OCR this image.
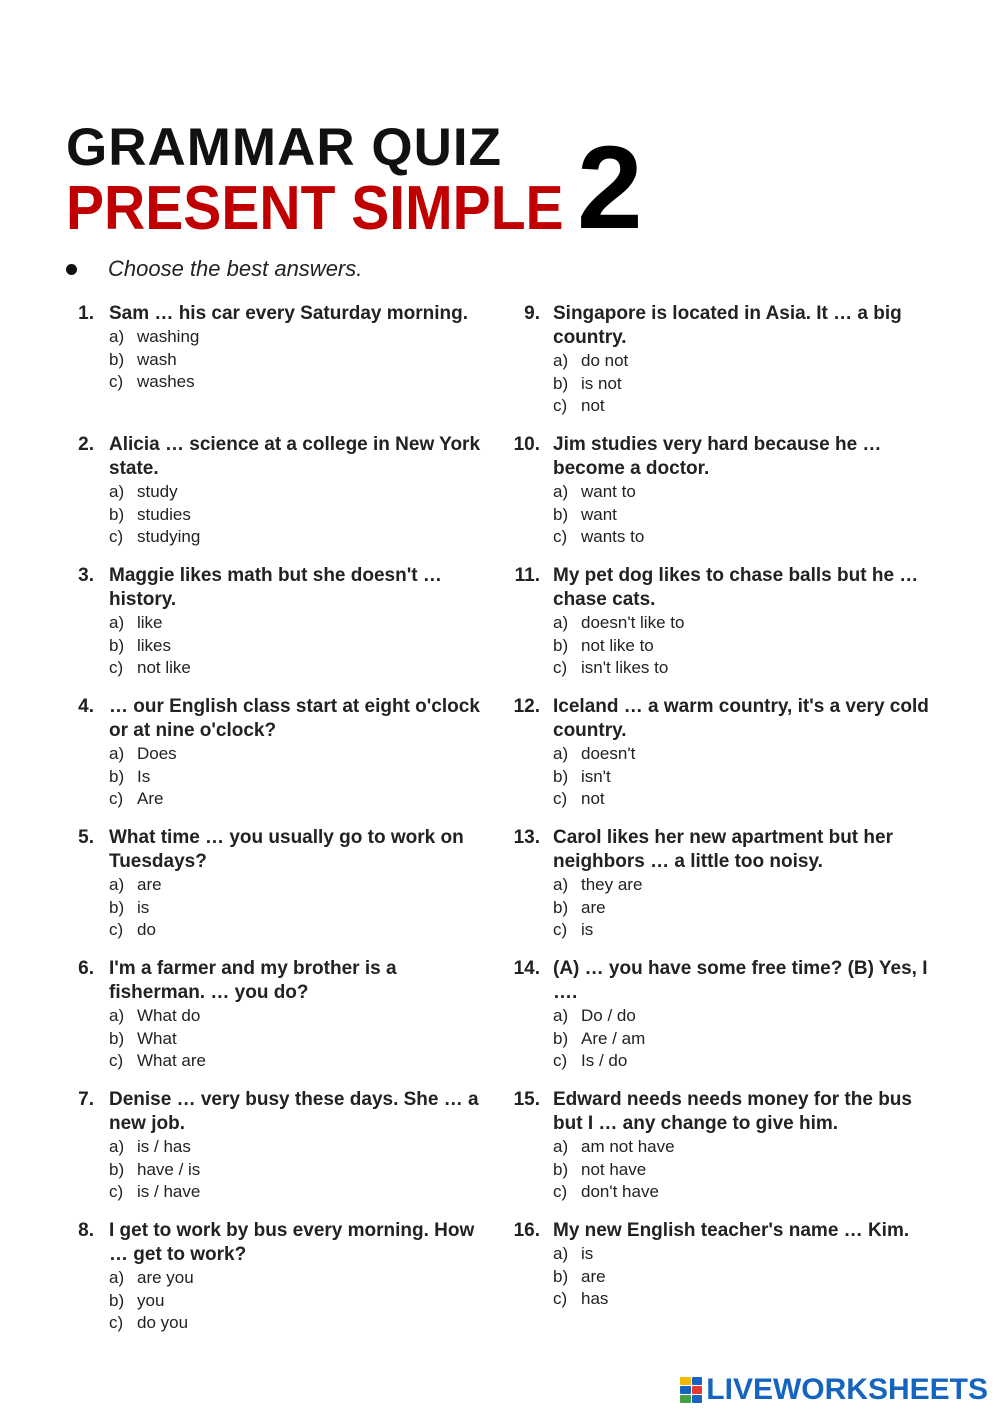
GRAMMAR QUIZ
PRESENT SIMPLE 2
Choose the best answers.
1. Sam … his car every Saturday morning.
a) washing
b) wash
c) washes
2. Alicia … science at a college in New York state.
a) study
b) studies
c) studying
3. Maggie likes math but she doesn't … history.
a) like
b) likes
c) not like
4. … our English class start at eight o'clock or at nine o'clock?
a) Does
b) Is
c) Are
5. What time … you usually go to work on Tuesdays?
a) are
b) is
c) do
6. I'm a farmer and my brother is a fisherman. … you do?
a) What do
b) What
c) What are
7. Denise … very busy these days. She … a new job.
a) is / has
b) have / is
c) is / have
8. I get to work by bus every morning. How … get to work?
a) are you
b) you
c) do you
9. Singapore is located in Asia. It … a big country.
a) do not
b) is not
c) not
10. Jim studies very hard because he … become a doctor.
a) want to
b) want
c) wants to
11. My pet dog likes to chase balls but he … chase cats.
a) doesn't like to
b) not like to
c) isn't likes to
12. Iceland … a warm country, it's a very cold country.
a) doesn't
b) isn't
c) not
13. Carol likes her new apartment but her neighbors … a little too noisy.
a) they are
b) are
c) is
14. (A) … you have some free time? (B) Yes, I ….
a) Do / do
b) Are / am
c) Is / do
15. Edward needs needs money for the bus but I … any change to give him.
a) am not have
b) not have
c) don't have
16. My new English teacher's name … Kim.
a) is
b) are
c) has
LIVEWORKSHEETS
